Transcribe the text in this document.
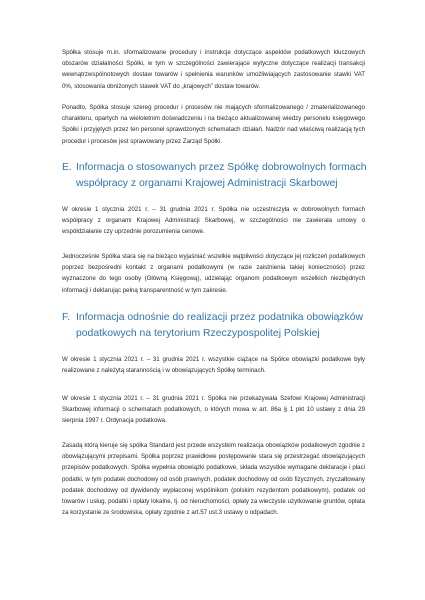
Spółka stosuje m.in. sformalizowane procedury i instrukcje dotyczące aspektów podatkowych kluczowych obszarów działalności Spółki, w tym w szczególności zawierające wytyczne dotyczące realizacji transakcji wewnątrzwspólnotowych dostaw towarów i spełnienia warunków umożliwiających zastosowanie stawki VAT 0%, stosowania obniżonych stawek VAT do „krajowych” dostaw towarów.

Ponadto, Spółka stosuje szereg procedur i procesów nie mających sformalizowanego / zmaterializowanego charakteru, opartych na wieloletnim doświadczeniu i na bieżąco aktualizowanej wiedzy personelu księgowego Spółki i przyjętych przez ten personel sprawdzonych schematach działań. Nadzór nad właściwą realizacją tych procedur i procesów jest sprawowany przez Zarząd Spółki.

E. Informacja o stosowanych przez Spółkę dobrowolnych formach
współpracy z organami Krajowej Administracji Skarbowej

W okresie 1 stycznia 2021 r. – 31 grudnia 2021 r. Spółka nie uczestniczyła w dobrowolnych formach współpracy z organami Krajowej Administracji Skarbowej, w szczególności nie zawierała umowy o współdziałanie czy uprzednie porozumienia cenowe.

Jednocześnie Spółka stara się na bieżąco wyjaśniać wszelkie wątpliwości dotyczące jej rozliczeń podatkowych poprzez bezpośredni kontakt z organami podatkowymi (w razie zaistnienia takiej konieczności) przez wyznaczone do tego osoby (Główną Księgową), udzielając organom podatkowym wszelkich niezbędnych informacji i deklarując pełną transparentność w tym zakresie.

F. Informacja odnośnie do realizacji przez podatnika obowiązków
podatkowych na terytorium Rzeczypospolitej Polskiej

W okresie 1 stycznia 2021 r. – 31 grudnia 2021 r. wszystkie ciążące na Spółce obowiązki podatkowe były realizowane z należytą starannością i w obowiązujących Spółkę terminach.

W okresie 1 stycznia 2021 r. – 31 grudnia 2021 r. Spółka nie przekazywała Szefowi Krajowej Administracji Skarbowej informacji o schematach podatkowych, o których mowa w art. 86a § 1 pkt 10 ustawy z dnia 29 sierpnia 1997 r. Ordynacja podatkowa.

Zasadą którą kieruje się spółka Standard jest przede wszystkim realizacja obowiązków podatkowych zgodnie z obowiązującymi przepisami. Spółka poprzez prawidłowe postępowanie stara się przestrzegać obowiązujących przepisów podatkowych. Spółka wypełnia obowiązki podatkowe, składa wszystkie wymagane deklaracje i płaci podatki, w tym podatek dochodowy od osób prawnych, podatek dochodowy od osób fizycznych, zryczałtowany podatek dochodowy od dywidendy wypłaconej wspólnikom (polskim rezydentom podatkowym), podatek od towarów i usług, podatki i opłaty lokalne, tj. od nieruchomości, opłaty za wieczyste użytkowanie gruntów, opłata za korzystanie ze środowiska, opłaty zgodnie z art.57 ust.3 ustawy o odpadach.
